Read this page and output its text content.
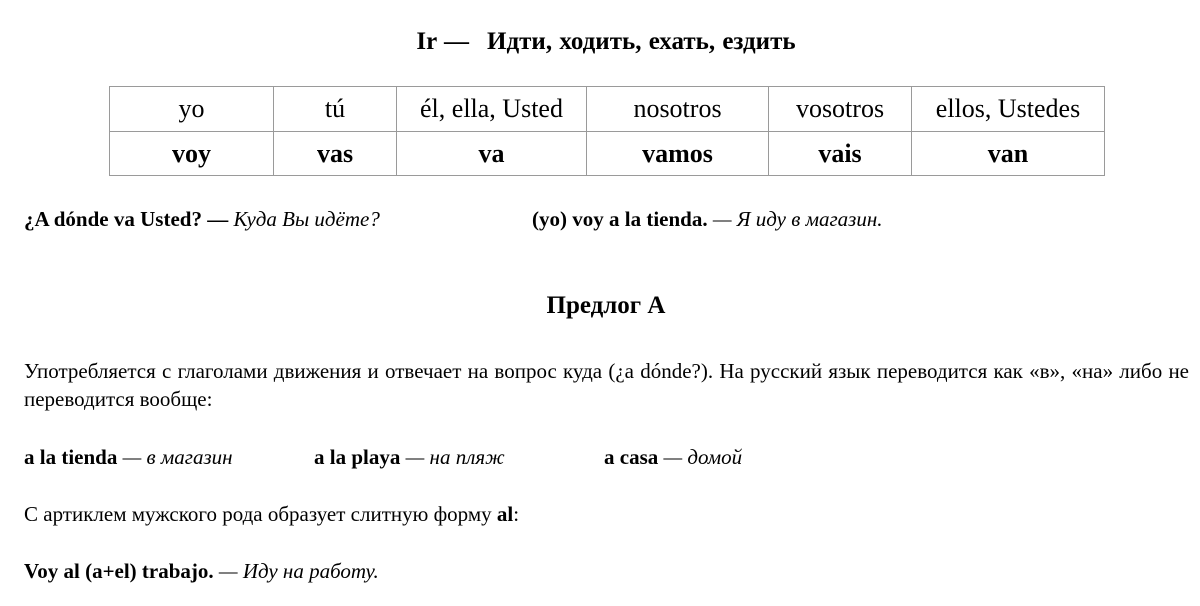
Ir — Идти, ходить, ехать, ездить
yo	tú	él, ella, Usted	nosotros	vosotros	ellos, Ustedes
voy	vas	va	vamos	vais	van
¿A dónde va Usted? — Куда Вы идёте?	(yo) voy a la tienda. — Я иду в магазин.
Предлог А
Употребляется с глаголами движения и отвечает на вопрос куда (¿a dónde?). На русский язык переводится как «в», «на» либо не переводится вообще:
a la tienda — в магазин	a la playa — на пляж	a casa — домой
С артиклем мужского рода образует слитную форму al:
Voy al (a+el) trabajo. — Иду на работу.
